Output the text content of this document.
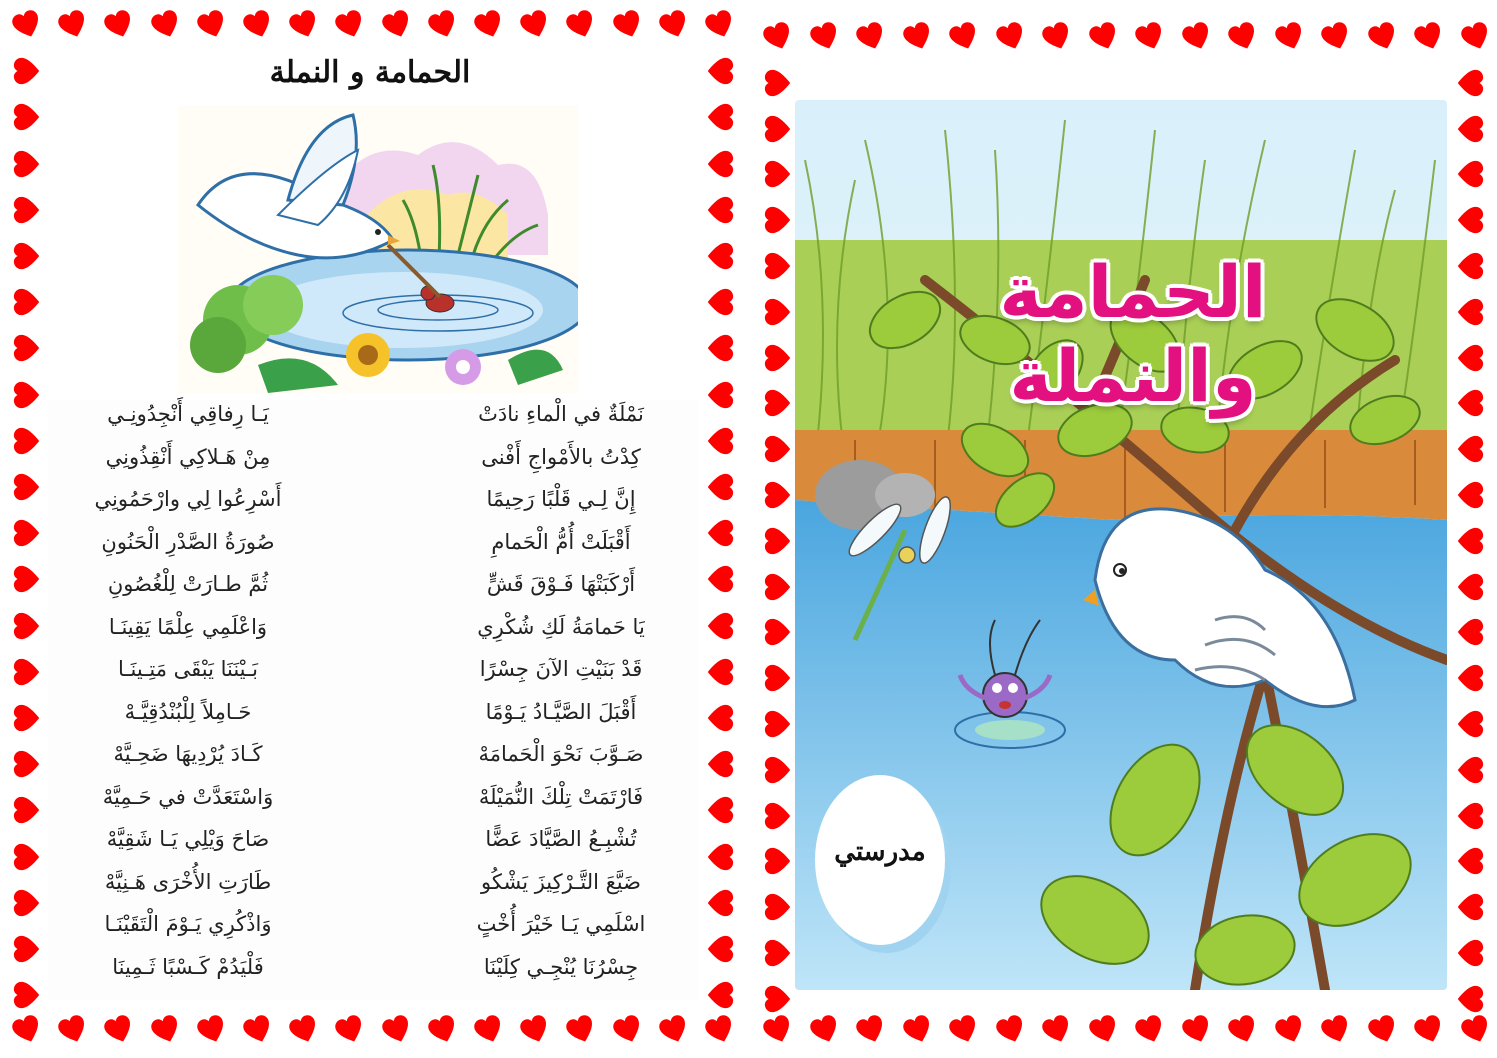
الحمامة و النملة
نَمْلَةٌ في الْماءِ نادَتْ
يَـا رِفاقِي أَنْجِدُونِـي
كِدْتُ بالأَمْواجِ أَفْنى
مِنْ هَـلاكِي أَنْقِذُونِي
إِنَّ لِـي قَلْبًا رَحِيمًا
أَسْرِعُوا لِي وارْحَمُونِي
أَقْبَلَتْ أُمُّ الْحَمامِ
صُورَةُ الصَّدْرِ الْحَنُونِ
أَرْكَبَتْهَا فَـوْقَ قَشٍّ
ثُمَّ طـارَتْ لِلْغُصُونِ
يَا حَمامَةُ لَكِ شُكْرِي
وَاعْلَمِي عِلْمًا يَقِينَـا
قَدْ بَنَيْتِ الآنَ جِسْرًا
بَـيْنَنَا يَبْقَى مَتِـينَـا
أَقْبَلَ الصَّيَّـادُ يَـوْمًا
حَـامِلاً لِلْبُنْدُقِيَّـهْ
صَـوَّبَ نَحْوَ الْحَمامَهْ
كَـادَ يُرْدِيهَا ضَحِـيَّهْ
فَارْتَمَتْ تِلْكَ النُّمَيْلَهْ
وَاسْتَعَدَّتْ في حَـمِيَّهْ
تُشْبِـعُ الصَّيَّادَ عَضًّا
صَاحَ وَيْلِي يَـا شَقِيَّهْ
ضَيَّعَ التَّـرْكِيزَ يَشْكُو
طَارَتِ الأُخْرَى هَـنِيَّهْ
اسْلَمِي يَـا خَيْرَ أُخْتٍ
وَاذْكُرِي يَـوْمَ الْتَقَيْنَـا
جِسْرُنَا يُنْجِـي كِلَيْنَا
فَلْيَدُمْ كَـسْبًا ثَـمِينَا
الحمامة والنملة
مدرستي
